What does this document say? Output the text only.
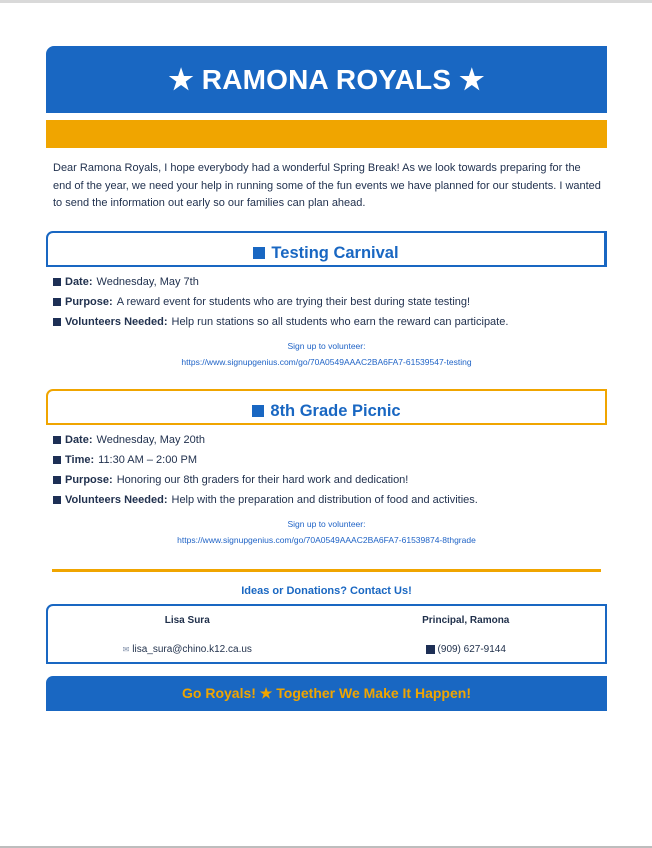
★ RAMONA ROYALS ★

Dear Ramona Royals, I hope everybody had a wonderful Spring Break! As we look towards preparing for the end of the year, we need your help in running some of the fun events we have planned for our students. I wanted to send the information out early so our families can plan ahead.

Testing Carnival
Date: Wednesday, May 7th
Purpose: A reward event for students who are trying their best during state testing!
Volunteers Needed: Help run stations so all students who earn the reward can participate.
Sign up to volunteer:
https://www.signupgenius.com/go/70A0549AAAC2BA6FA7-61539547-testing
8th Grade Picnic
Date: Wednesday, May 20th
Time: 11:30 AM – 2:00 PM
Purpose: Honoring our 8th graders for their hard work and dedication!
Volunteers Needed: Help with the preparation and distribution of food and activities.
Sign up to volunteer:
https://www.signupgenius.com/go/70A0549AAAC2BA6FA7-61539874-8thgrade
Ideas or Donations? Contact Us!
Lisa Sura
✉ lisa_sura@chino.k12.ca.us
Principal, Ramona
(909) 627-9144
Go Royals! ★ Together We Make It Happen!
